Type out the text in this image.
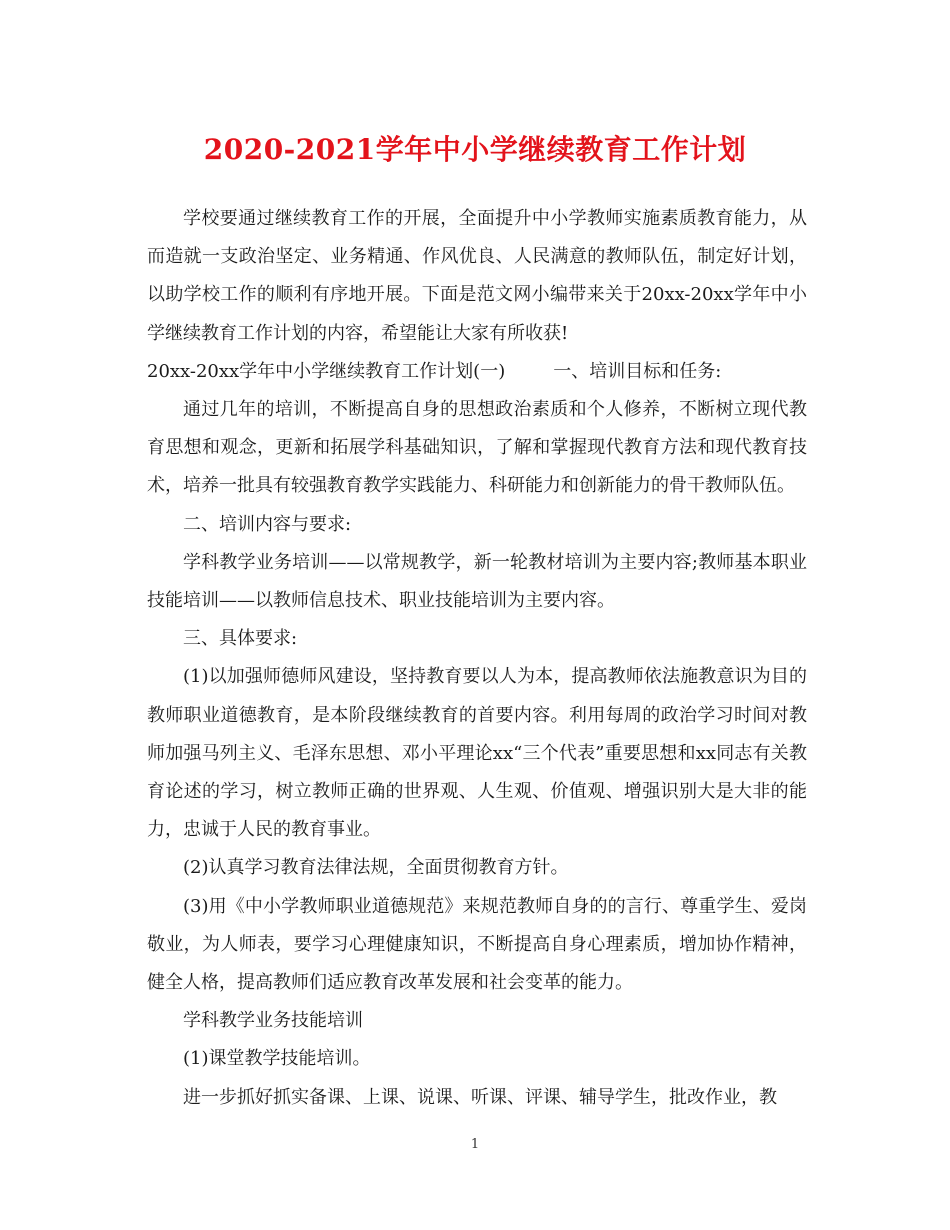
2020-2021学年中小学继续教育工作计划

学校要通过继续教育工作的开展，全面提升中小学教师实施素质教育能力，从而造就一支政治坚定、业务精通、作风优良、人民满意的教师队伍，制定好计划，以助学校工作的顺利有序地开展。下面是范文网小编带来关于20xx-20xx学年中小学继续教育工作计划的内容，希望能让大家有所收获!

20xx-20xx学年中小学继续教育工作计划(一)	一、培训目标和任务:

通过几年的培训，不断提高自身的思想政治素质和个人修养，不断树立现代教育思想和观念，更新和拓展学科基础知识，了解和掌握现代教育方法和现代教育技术，培养一批具有较强教育教学实践能力、科研能力和创新能力的骨干教师队伍。

二、培训内容与要求:

学科教学业务培训——以常规教学，新一轮教材培训为主要内容;教师基本职业技能培训——以教师信息技术、职业技能培训为主要内容。

三、具体要求:

(1)以加强师德师风建设，坚持教育要以人为本，提高教师依法施教意识为目的教师职业道德教育，是本阶段继续教育的首要内容。利用每周的政治学习时间对教师加强马列主义、毛泽东思想、邓小平理论xx“三个代表”重要思想和xx同志有关教育论述的学习，树立教师正确的世界观、人生观、价值观、增强识别大是大非的能力，忠诚于人民的教育事业。

(2)认真学习教育法律法规，全面贯彻教育方针。

(3)用《中小学教师职业道德规范》来规范教师自身的的言行、尊重学生、爱岗敬业，为人师表，要学习心理健康知识，不断提高自身心理素质，增加协作精神，健全人格，提高教师们适应教育改革发展和社会变革的能力。

学科教学业务技能培训

(1)课堂教学技能培训。

进一步抓好抓实备课、上课、说课、听课、评课、辅导学生，批改作业，教

1
